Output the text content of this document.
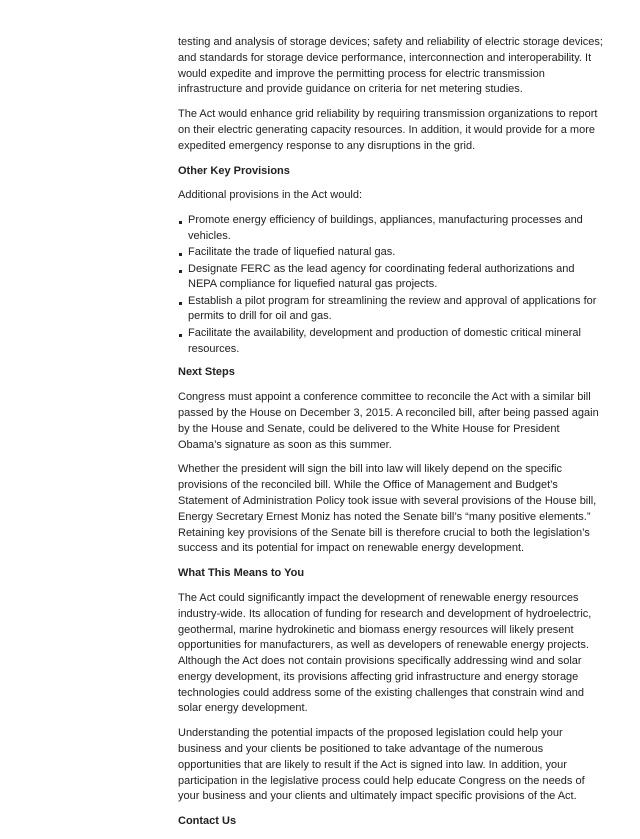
testing and analysis of storage devices; safety and reliability of electric storage devices;
and standards for storage device performance, interconnection and interoperability. It
would expedite and improve the permitting process for electric transmission
infrastructure and provide guidance on criteria for net metering studies.
The Act would enhance grid reliability by requiring transmission organizations to report
on their electric generating capacity resources. In addition, it would provide for a more
expedited emergency response to any disruptions in the grid.
Other Key Provisions
Additional provisions in the Act would:
Promote energy efficiency of buildings, appliances, manufacturing processes and
vehicles.
Facilitate the trade of liquefied natural gas.
Designate FERC as the lead agency for coordinating federal authorizations and
NEPA compliance for liquefied natural gas projects.
Establish a pilot program for streamlining the review and approval of applications for
permits to drill for oil and gas.
Facilitate the availability, development and production of domestic critical mineral
resources.
Next Steps
Congress must appoint a conference committee to reconcile the Act with a similar bill
passed by the House on December 3, 2015. A reconciled bill, after being passed again
by the House and Senate, could be delivered to the White House for President
Obama’s signature as soon as this summer.
Whether the president will sign the bill into law will likely depend on the specific
provisions of the reconciled bill. While the Office of Management and Budget’s
Statement of Administration Policy took issue with several provisions of the House bill,
Energy Secretary Ernest Moniz has noted the Senate bill’s “many positive elements.”
Retaining key provisions of the Senate bill is therefore crucial to both the legislation’s
success and its potential for impact on renewable energy development.
What This Means to You
The Act could significantly impact the development of renewable energy resources
industry-wide. Its allocation of funding for research and development of hydroelectric,
geothermal, marine hydrokinetic and biomass energy resources will likely present
opportunities for manufacturers, as well as developers of renewable energy projects.
Although the Act does not contain provisions specifically addressing wind and solar
energy development, its provisions affecting grid infrastructure and energy storage
technologies could address some of the existing challenges that constrain wind and
solar energy development.
Understanding the potential impacts of the proposed legislation could help your
business and your clients be positioned to take advantage of the numerous
opportunities that are likely to result if the Act is signed into law. In addition, your
participation in the legislative process could help educate Congress on the needs of
your business and your clients and ultimately impact specific provisions of the Act.
Contact Us
